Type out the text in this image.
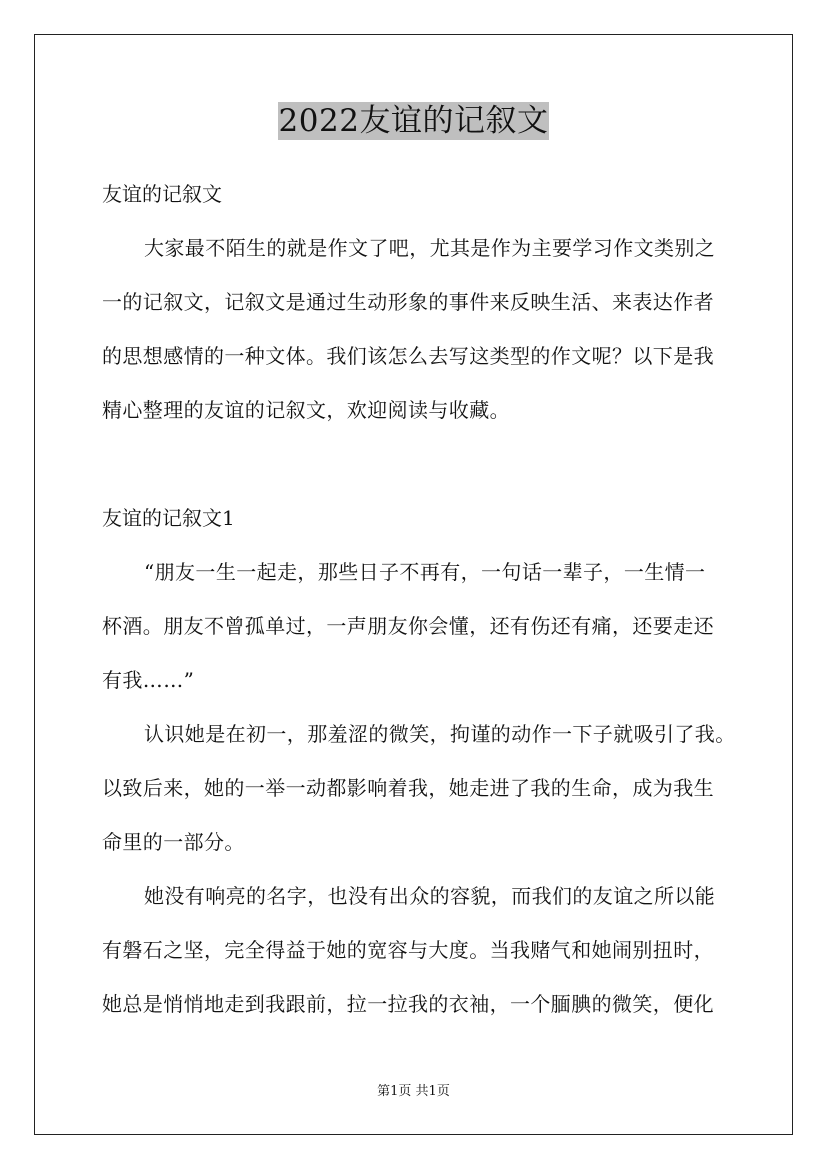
2022友谊的记叙文
友谊的记叙文
大家最不陌生的就是作文了吧，尤其是作为主要学习作文类别之
一的记叙文，记叙文是通过生动形象的事件来反映生活、来表达作者
的思想感情的一种文体。我们该怎么去写这类型的作文呢？以下是我
精心整理的友谊的记叙文，欢迎阅读与收藏。
友谊的记叙文1
“朋友一生一起走，那些日子不再有，一句话一辈子，一生情一
杯酒。朋友不曾孤单过，一声朋友你会懂，还有伤还有痛，还要走还
有我……”
认识她是在初一，那羞涩的微笑，拘谨的动作一下子就吸引了我。
以致后来，她的一举一动都影响着我，她走进了我的生命，成为我生
命里的一部分。
她没有响亮的名字，也没有出众的容貌，而我们的友谊之所以能
有磐石之坚，完全得益于她的宽容与大度。当我赌气和她闹别扭时，
她总是悄悄地走到我跟前，拉一拉我的衣袖，一个腼腆的微笑，便化
第1页 共1页
